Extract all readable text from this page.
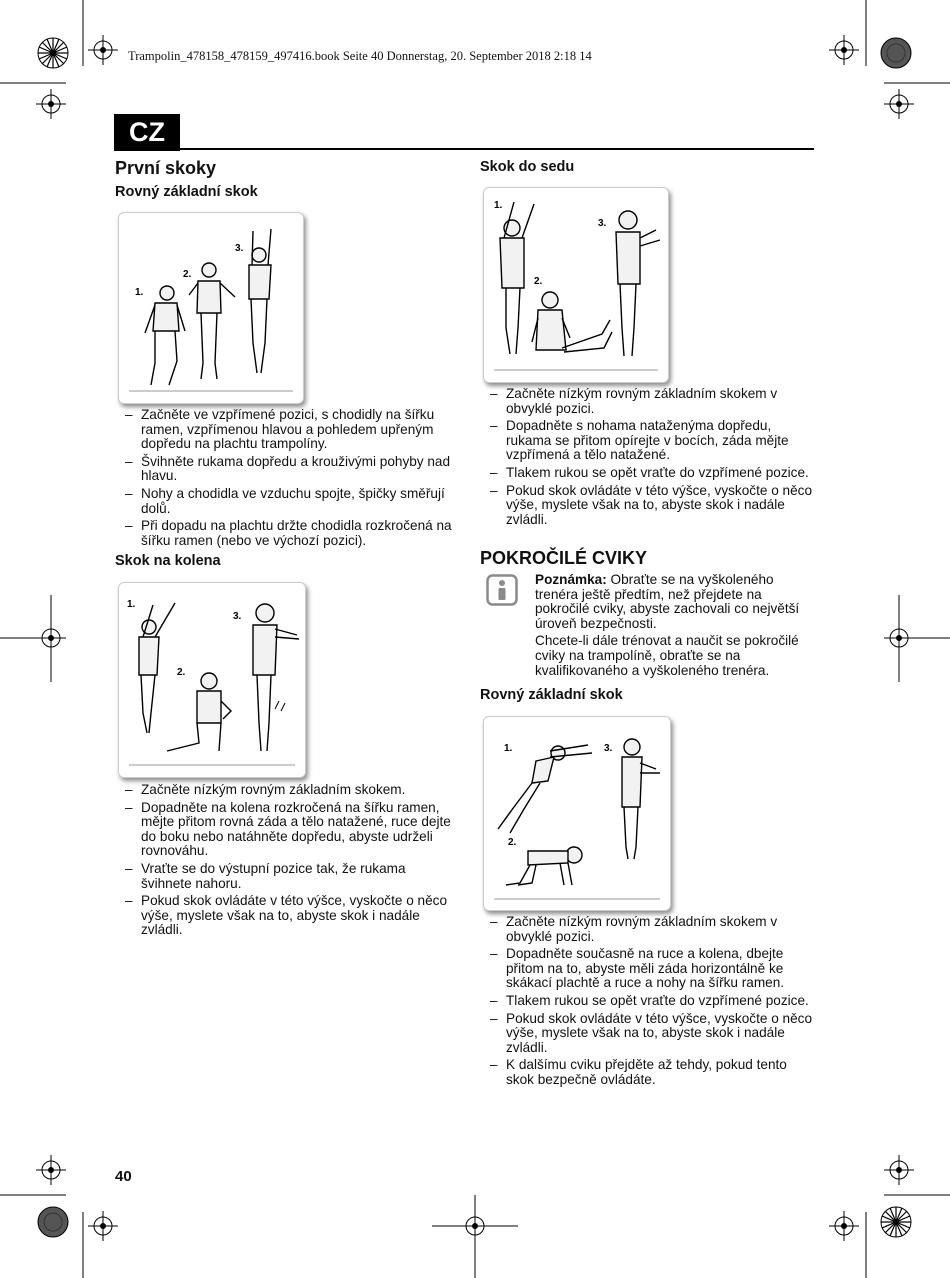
Trampolin_478158_478159_497416.book Seite 40 Donnerstag, 20. September 2018 2:18 14
CZ
První skoky
Rovný základní skok
1.
2.
3.
– Začněte ve vzpřímené pozici, s chodidly na šířku ramen, vzpřímenou hlavou a pohledem upřeným dopředu na plachtu trampolíny.
– Švihněte rukama dopředu a krouživými pohyby nad hlavu.
– Nohy a chodidla ve vzduchu spojte, špičky směřují dolů.
– Při dopadu na plachtu držte chodidla rozkročená na šířku ramen (nebo ve výchozí pozici).
Skok na kolena
1.
2.
3.
– Začněte nízkým rovným základním skokem.
– Dopadněte na kolena rozkročená na šířku ramen, mějte přitom rovná záda a tělo natažené, ruce dejte do boku nebo natáhněte dopředu, abyste udrželi rovnováhu.
– Vraťte se do výstupní pozice tak, že rukama švihnete nahoru.
– Pokud skok ovládáte v této výšce, vyskočte o něco výše, myslete však na to, abyste skok i nadále zvládli.
Skok do sedu
1.
2.
3.
– Začněte nízkým rovným základním skokem v obvyklé pozici.
– Dopadněte s nohama nataženýma dopředu, rukama se přitom opírejte v bocích, záda mějte vzpřímená a tělo natažené.
– Tlakem rukou se opět vraťte do vzpřímené pozice.
– Pokud skok ovládáte v této výšce, vyskočte o něco výše, myslete však na to, abyste skok i nadále zvládli.
POKROČILÉ CVIKY

Poznámka: Obraťte se na vyškoleného trenéra ještě předtím, než přejdete na pokročilé cviky, abyste zachovali co největší úroveň bezpečnosti.

Chcete-li dále trénovat a naučit se pokročilé cviky na trampolíně, obraťte se na kvalifikovaného a vyškoleného trenéra.

Rovný základní skok
1.
2.
3.
– Začněte nízkým rovným základním skokem v obvyklé pozici.
– Dopadněte současně na ruce a kolena, dbejte přitom na to, abyste měli záda horizontálně ke skákací plachtě a ruce a nohy na šířku ramen.
– Tlakem rukou se opět vraťte do vzpřímené pozice.
– Pokud skok ovládáte v této výšce, vyskočte o něco výše, myslete však na to, abyste skok i nadále zvládli.
– K dalšímu cviku přejděte až tehdy, pokud tento skok bezpečně ovládáte.
40
